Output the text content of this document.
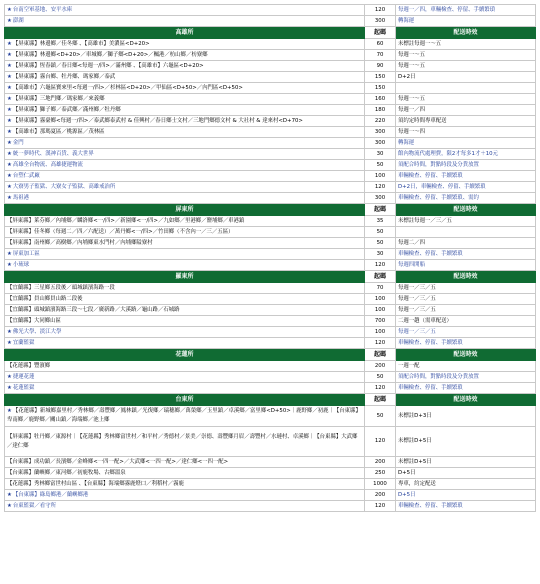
★台南空軍基地、安平水庫	120	每週一／四，車輛檢查、停留、手續繁瑣
★澎湖	300	轉海運
高雄所	起碼	配送時效
★【屏東縣】林邊鄉／佳冬鄉 、【高雄市】美濃區<D+20>	60	未標註每週一～五
★【屏東縣】林邊鄉<D+20>／車城鄉／獅子鄉<D+20>／楓港／枋山鄉／枋寮鄉	70	每週一～五
★【屏東縣】恆春鎮／春日鄉<每週一/四>／滿州鄉 、【高雄市】六龜區<D+20>	90	每週一～五
★【屏東縣】霧台鄉、牡丹鄉、瑪家鄉／泰武	150	D+2日
★【高雄市】六龜區寶來里<每週一/四>／杉林區<D+20>／甲仙區<D+50>／內門區<D+50>	150	
★【屏東縣】三地門鄉／瑪家鄉／來義鄉	160	每週一～五
★【屏東縣】獅子鄉／泰武鄉／滿州鄉／牡丹鄉	180	每週一／四
★【屏東縣】霧臺鄉<每週一/四>／泰武鄉泰武村 & 佳興村／春日鄉士文村／三地門鄉德文村 & 大社村 & 達來村<D+70>	220	須約定時間專車配送
★【高雄市】那瑪夏區／桃源區／茂林區	300	每週一～四
★金門	300	轉海運
★統一夢時代、漢神百貨、義大世界	30	館內物流代處理費，限2才每多1才＋10元
★高雄全台物流、高雄捷運物流	50	須配合時間，對點時段及分貨放置
★台塑仁武廠	100	車輛檢查、停留、手續繁瑣
★大寮男子監獄、大寮女子監獄、高雄戒治所	120	D+2日，車輛檢查、停留、手續繁瑣
★馬祖港	300	車輛檢查、停留、手續繁瑣、需約
屏東所	起碼	配送時效
【屏東縣】萊芬鄉／內埔鄉／麟洛鄉<一/四>／新園鄉<一/四>／九如鄉／里港鄉／鹽埔鄉／車港鎮	35	未標註每週一／三／五
【屏東縣】佳冬鄉（每週二／四／六配送）／萬丹鄉<一/四>／竹田鄉（不含內一／三／五區）	50	
【屏東縣】南州鄉／高樹鄉／內埔鄉東水門村／內埔鄉隘寮村	50	每週二／四
★屏東加工區	30	車輛檢查、停留、手續繁瑣
★小琉球	120	每週四開船
羅東所	起碼	配送時效
【宜蘭縣】三星鄉五段後／頭城鎮濱海路一段	70	每週一／三／五
【宜蘭縣】員山鄉員山路二段後	100	每週一／三／五
【宜蘭縣】頭城鎮濱海路三段～七段／廣新路／大溪路／龜山路／石城路	100	每週一／三／五
【宜蘭縣】大同鄉山區	700	二週一趟（需車配送）
★佛光大學、淡江大學	100	每週一／三／五
★宜蘭監獄	120	車輛檢查、停留、手續繁瑣
花蓮所	起碼	配送時效
【花蓮縣】豐濱鄉	200	一週一配
★捷運花蓮	50	須配合時間，對點時段及分貨放置
★花蓮監獄	120	車輛檢查、停留、手續繁瑣
台東所	起碼	配送時效
★【花蓮縣】新城鄉嘉里村／秀林鄉／壽豐鄉／鳳林鎮／光復鄉／瑞穗鄉／萬榮鄉／玉里鎮／卓溪鄉／富里鄉<D+50>｜鹿野鄉／初鹿｜【台東縣】卑南鄉／鹿野鄉／關山鎮／海端鄉／池上鄉	50	未標註D+3日
【屏東縣】牡丹鄉／東源村｜【花蓮縣】秀林鄉富世村／和平村／秀德村／景美／崇德、壽豐鄉月眉／壽豐村／水璉村、卓溪鄉｜【台東縣】大武鄉／達仁鄉	120	未標註D+5日
【台東縣】成功鎮／長濱鄉／金峰鄉<一四一配>／大武鄉<一四一配>／達仁鄉<一四一配>	200	未標註D+5日
【台東縣】蘭嶼鄉／東河鄉／初鹿牧場、古鄉溫泉	250	D+5日
【花蓮縣】秀林鄉富世村山區 、【台東縣】海端鄉霧鹿燈口／利稻村／霧鹿	1000	專車，約定配送
★【台東縣】綠島鄉港／蘭嶼鄉港	200	D+5日
★台東監獄／看守所	120	車輛檢查、停留、手續繁瑣
